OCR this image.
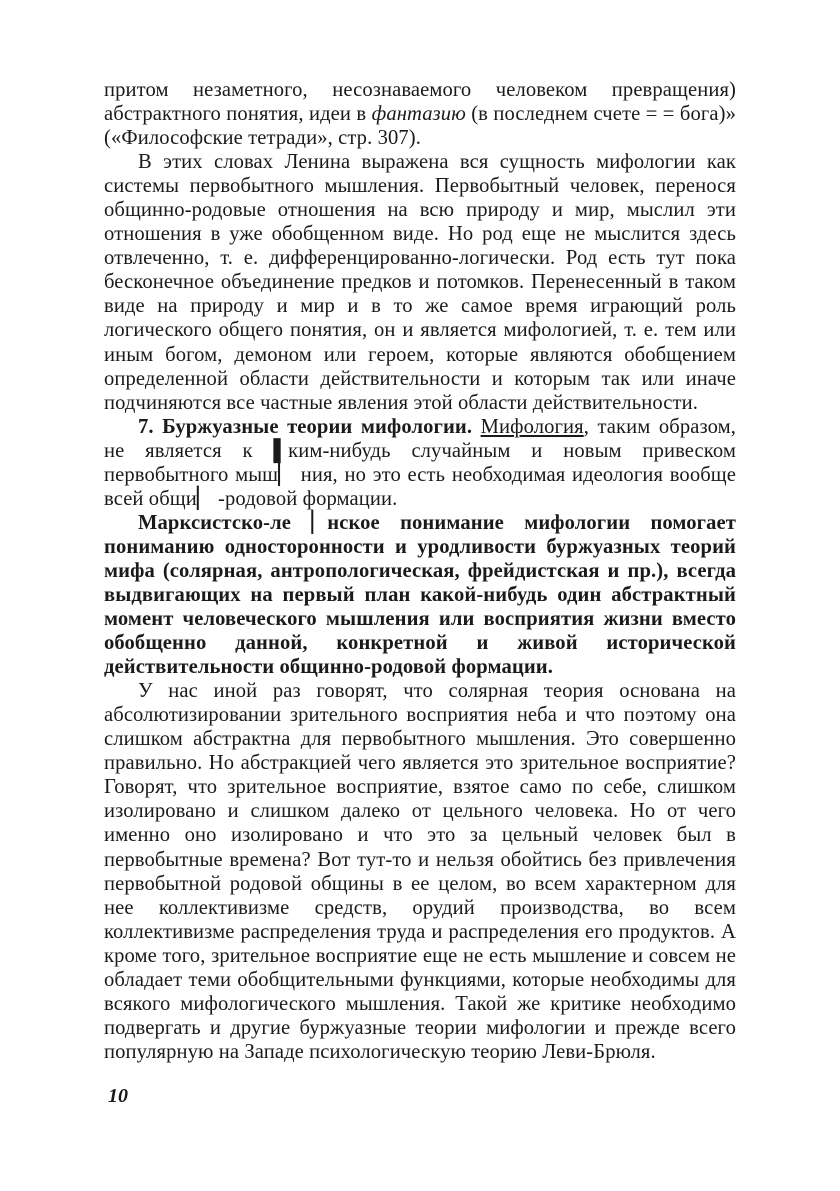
притом незаметного, несознаваемого человеком превращения) абстрактного понятия, идеи в фантазию (в последнем счете = = бога)» («Философские тетради», стр. 307).

В этих словах Ленина выражена вся сущность мифологии как системы первобытного мышления. Первобытный человек, перенося общинно-родовые отношения на всю природу и мир, мыслил эти отношения в уже обобщенном виде. Но род еще не мыслится здесь отвлеченно, т. е. дифференцированно-логически. Род есть тут пока бесконечное объединение предков и потомков. Перенесенный в таком виде на природу и мир и в то же самое время играющий роль логического общего понятия, он и является мифологией, т. е. тем или иным богом, демоном или героем, которые являются обобщением определенной области действительности и которым так или иначе подчиняются все частные явления этой области действительности.

7. Буржуазные теории мифологии. Мифология, таким образом, не является к ▌ким-нибудь случайным и новым привеском первобытного мыш▏ ния, но это есть необходимая идеология вообще всей общи▏ -родовой формации.

Марксистско-ле ▏нское понимание мифологии помогает пониманию односторонности и уродливости буржуазных теорий мифа (солярная, антропологическая, фрейдистская и пр.), всегда выдвигающих на первый план какой-нибудь один абстрактный момент человеческого мышления или восприятия жизни вместо обобщенно данной, конкретной и живой исторической действительности общинно-родовой формации.

У нас иной раз говорят, что солярная теория основана на абсолютизировании зрительного восприятия неба и что поэтому она слишком абстрактна для первобытного мышления. Это совершенно правильно. Но абстракцией чего является это зрительное восприятие? Говорят, что зрительное восприятие, взятое само по себе, слишком изолировано и слишком далеко от цельного человека. Но от чего именно оно изолировано и что это за цельный человек был в первобытные времена? Вот тут-то и нельзя обойтись без привлечения первобытной родовой общины в ее целом, во всем характерном для нее коллективизме средств, орудий производства, во всем коллективизме распределения труда и распределения его продуктов. А кроме того, зрительное восприятие еще не есть мышление и совсем не обладает теми обобщительными функциями, которые необходимы для всякого мифологического мышления. Такой же критике необходимо подвергать и другие буржуазные теории мифологии и прежде всего популярную на Западе психологическую теорию Леви-Брюля.

10
